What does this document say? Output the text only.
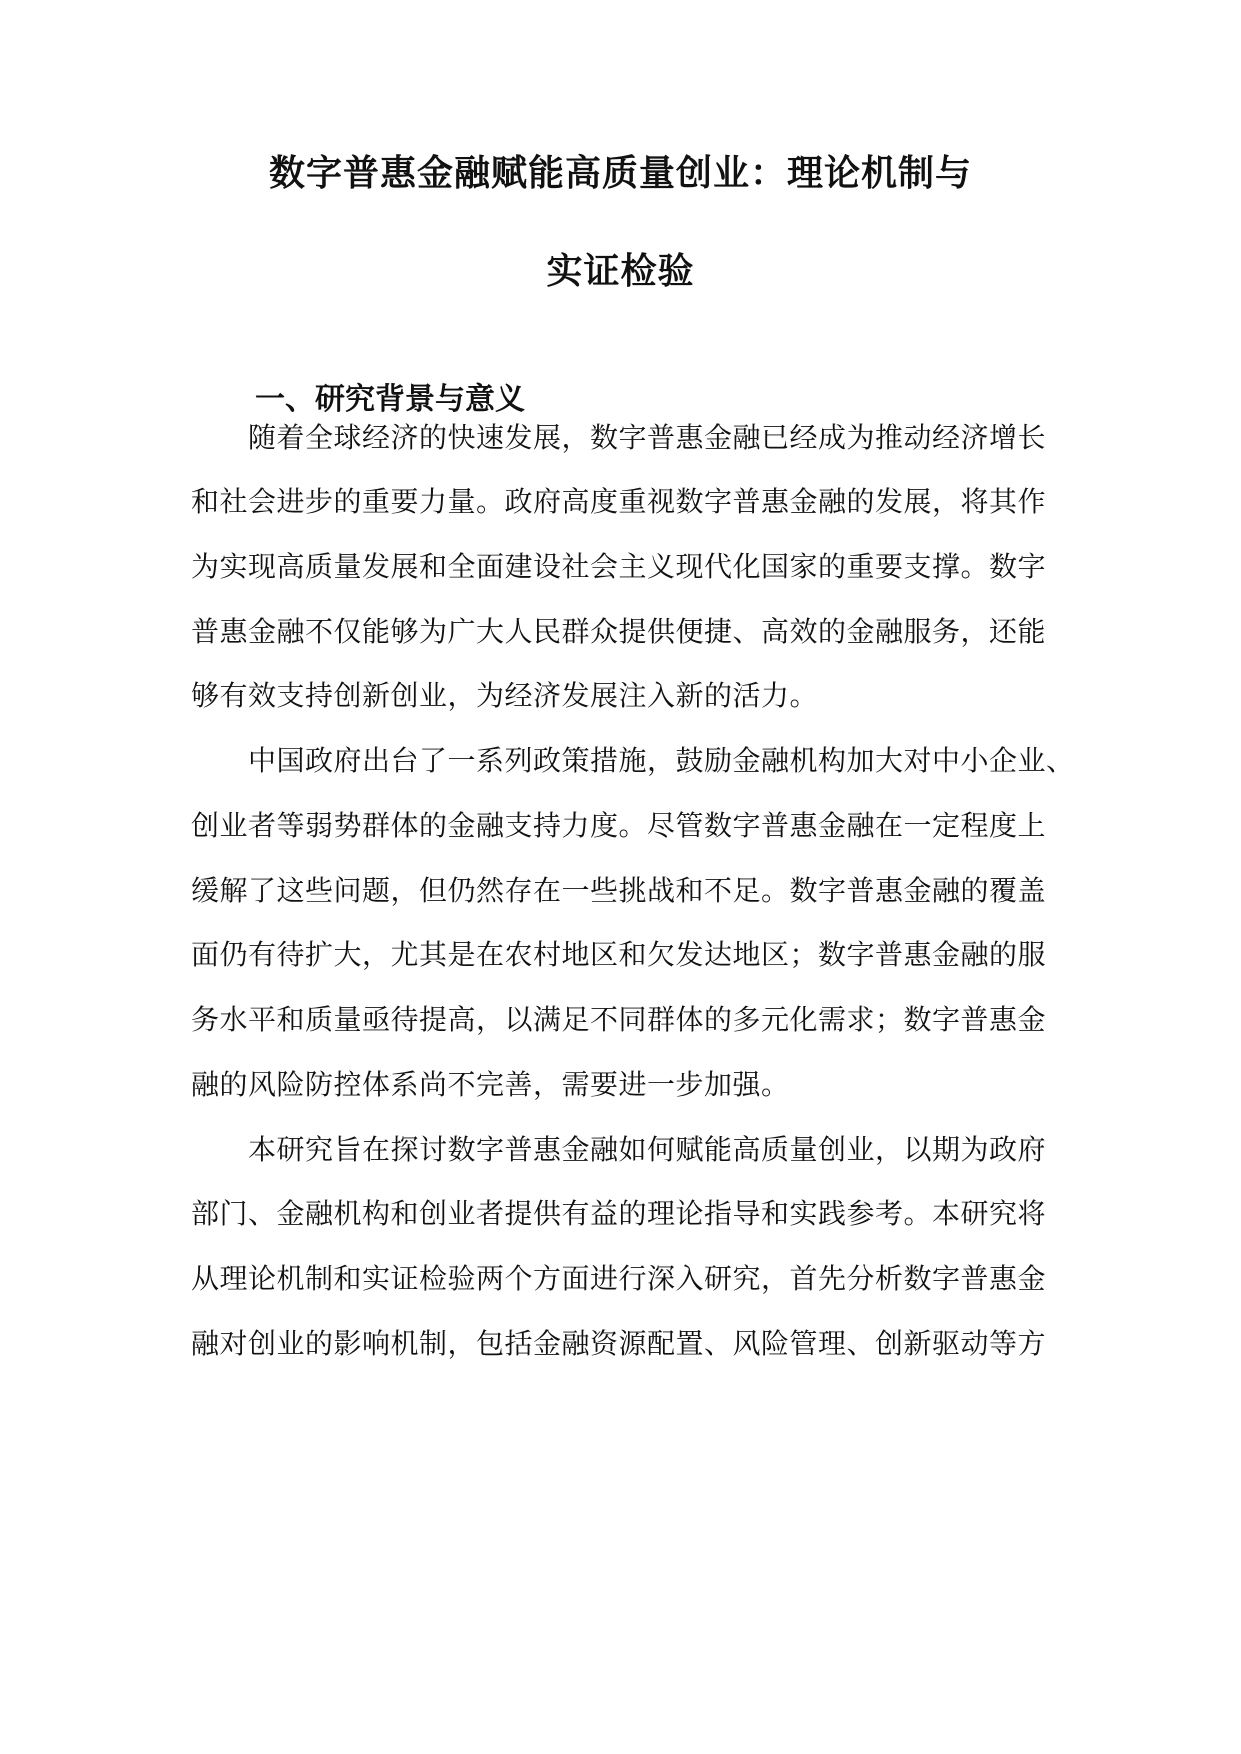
数字普惠金融赋能高质量创业：理论机制与
实证检验
一、研究背景与意义
随着全球经济的快速发展，数字普惠金融已经成为推动经济增长
和社会进步的重要力量。政府高度重视数字普惠金融的发展，将其作
为实现高质量发展和全面建设社会主义现代化国家的重要支撑。数字
普惠金融不仅能够为广大人民群众提供便捷、高效的金融服务，还能
够有效支持创新创业，为经济发展注入新的活力。
中国政府出台了一系列政策措施，鼓励金融机构加大对中小企业、
创业者等弱势群体的金融支持力度。尽管数字普惠金融在一定程度上
缓解了这些问题，但仍然存在一些挑战和不足。数字普惠金融的覆盖
面仍有待扩大，尤其是在农村地区和欠发达地区；数字普惠金融的服
务水平和质量亟待提高，以满足不同群体的多元化需求；数字普惠金
融的风险防控体系尚不完善，需要进一步加强。
本研究旨在探讨数字普惠金融如何赋能高质量创业，以期为政府
部门、金融机构和创业者提供有益的理论指导和实践参考。本研究将
从理论机制和实证检验两个方面进行深入研究，首先分析数字普惠金
融对创业的影响机制，包括金融资源配置、风险管理、创新驱动等方
